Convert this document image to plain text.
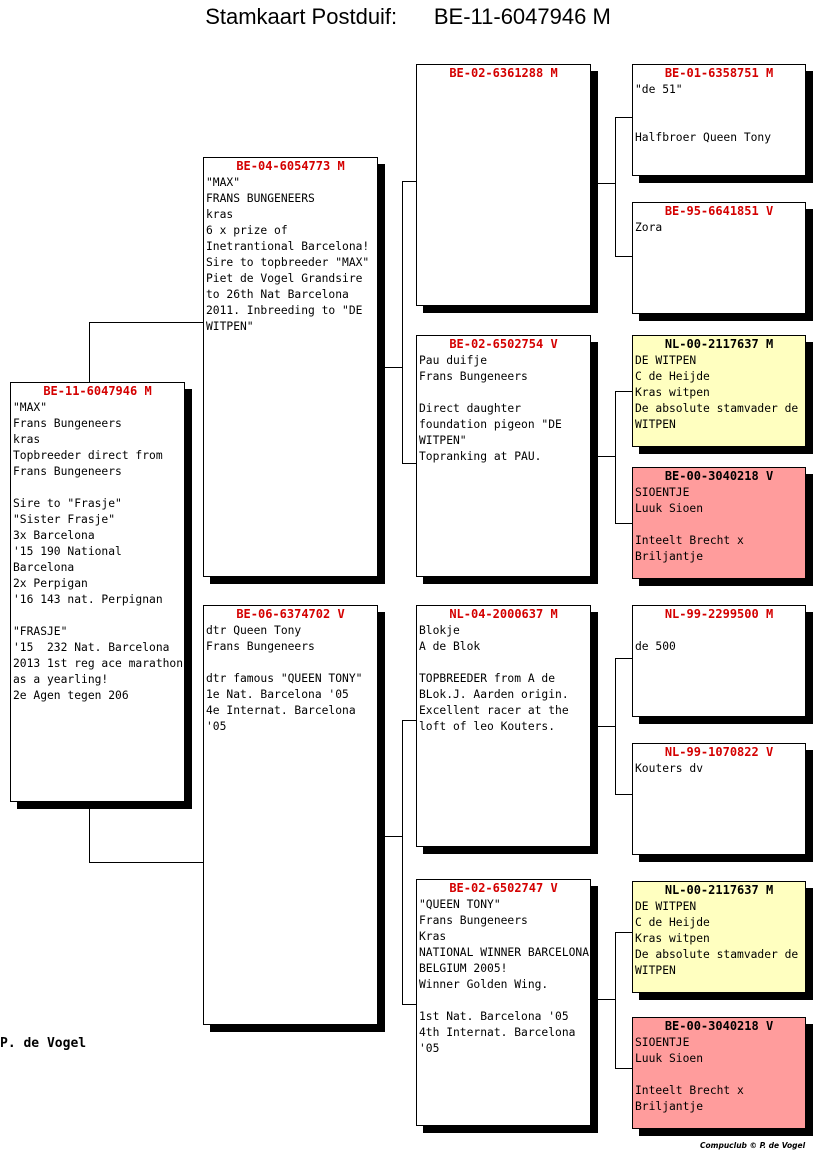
Stamkaart Postduif: BE-11-6047946 M
BE-11-6047946 M
"MAX"
Frans Bungeneers
kras
Topbreeder direct from Frans Bungeneers

Sire to "Frasje"
"Sister Frasje"
3x Barcelona
'15 190 National Barcelona
2x Perpigan
'16 143 nat. Perpignan

"FRASJE"
'15  232 Nat. Barcelona
2013 1st reg ace marathon as a yearling!
2e Agen tegen 206
BE-04-6054773 M
"MAX"
FRANS BUNGENEERS
kras
6 x prize of Inetrantional Barcelona! Sire to topbreeder "MAX" Piet de Vogel Grandsire to 26th Nat Barcelona 2011. Inbreeding to "DE WITPEN"
BE-06-6374702 V
dtr Queen Tony
Frans Bungeneers

dtr famous "QUEEN TONY"  1e Nat. Barcelona '05
4e Internat. Barcelona '05
BE-02-6361288 M
BE-02-6502754 V
Pau duifje
Frans Bungeneers

Direct daughter foundation pigeon "DE WITPEN"
Topranking at PAU.
NL-04-2000637 M
Blokje
A de Blok

TOPBREEDER from A de BLok.J. Aarden origin. Excellent racer at the loft of leo Kouters.
BE-02-6502747 V
"QUEEN TONY"
Frans Bungeneers
Kras
NATIONAL WINNER BARCELONA BELGIUM 2005!
Winner Golden Wing.

1st Nat. Barcelona '05
4th Internat. Barcelona '05
BE-01-6358751 M
"de 51"

Halfbroer Queen Tony
BE-95-6641851 V
Zora
NL-00-2117637 M
DE WITPEN
C de Heijde
Kras witpen
De absolute stamvader de WITPEN
BE-00-3040218 V
SIOENTJE
Luuk Sioen

Inteelt Brecht x Briljantje
NL-99-2299500 M

de 500
NL-99-1070822 V
Kouters dv
NL-00-2117637 M
DE WITPEN
C de Heijde
Kras witpen
De absolute stamvader de WITPEN
BE-00-3040218 V
SIOENTJE
Luuk Sioen

Inteelt Brecht x Briljantje
P. de Vogel
Compuclub © P. de Vogel
